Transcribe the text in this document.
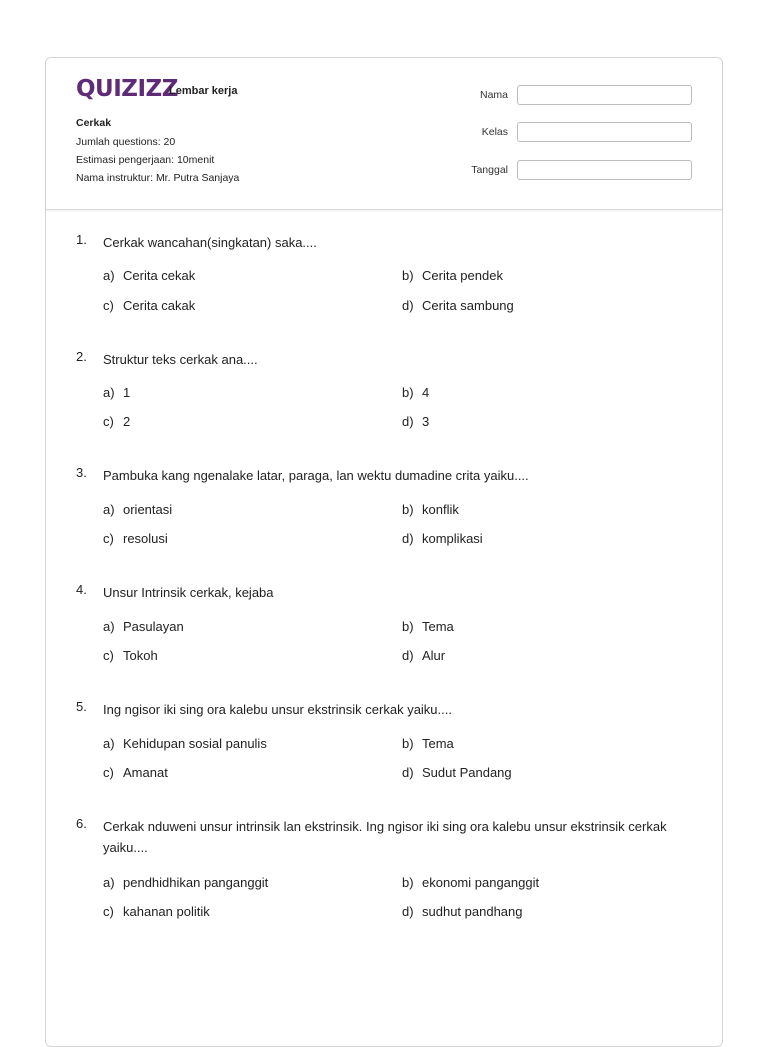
QUIZIZZ
Lembar kerja
Cerkak
Jumlah questions: 20
Estimasi pengerjaan: 10menit
Nama instruktur: Mr. Putra Sanjaya
Nama
Kelas
Tanggal
1. Cerkak wancahan(singkatan) saka....
a) Cerita cekak	b) Cerita pendek
c) Cerita cakak	d) Cerita sambung
2. Struktur teks cerkak ana....
a) 1	b) 4
c) 2	d) 3
3. Pambuka kang ngenalake latar, paraga, lan wektu dumadine crita yaiku....
a) orientasi	b) konflik
c) resolusi	d) komplikasi
4. Unsur Intrinsik cerkak, kejaba
a) Pasulayan	b) Tema
c) Tokoh	d) Alur
5. Ing ngisor iki sing ora kalebu unsur ekstrinsik cerkak yaiku....
a) Kehidupan sosial panulis	b) Tema
c) Amanat	d) Sudut Pandang
6. Cerkak nduweni unsur intrinsik lan ekstrinsik. Ing ngisor iki sing ora kalebu unsur ekstrinsik cerkak yaiku....
a) pendhidhikan panganggit	b) ekonomi panganggit
c) kahanan politik	d) sudhut pandhang
